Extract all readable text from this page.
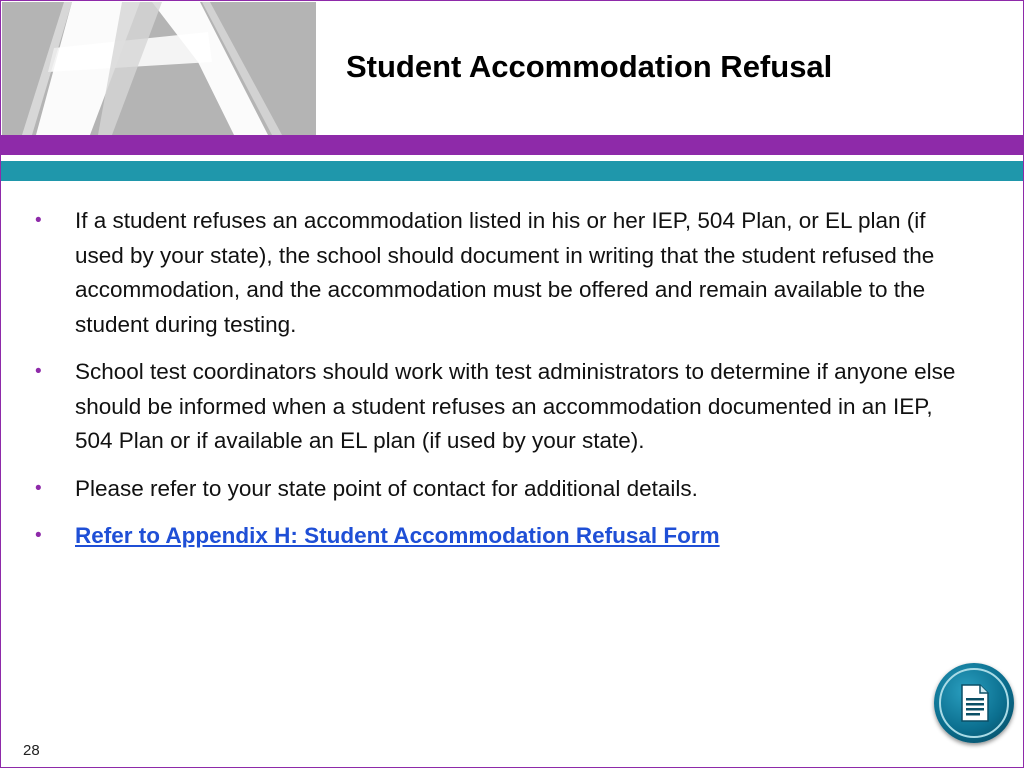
Student Accommodation Refusal
• If a student refuses an accommodation listed in his or her IEP, 504 Plan, or EL plan (if used by your state), the school should document in writing that the student refused the accommodation, and the accommodation must be offered and remain available to the student during testing.
• School test coordinators should work with test administrators to determine if anyone else should be informed when a student refuses an accommodation documented in an IEP, 504 Plan or if available an EL plan (if used by your state).
• Please refer to your state point of contact for additional details.
• Refer to Appendix H: Student Accommodation Refusal Form
28
